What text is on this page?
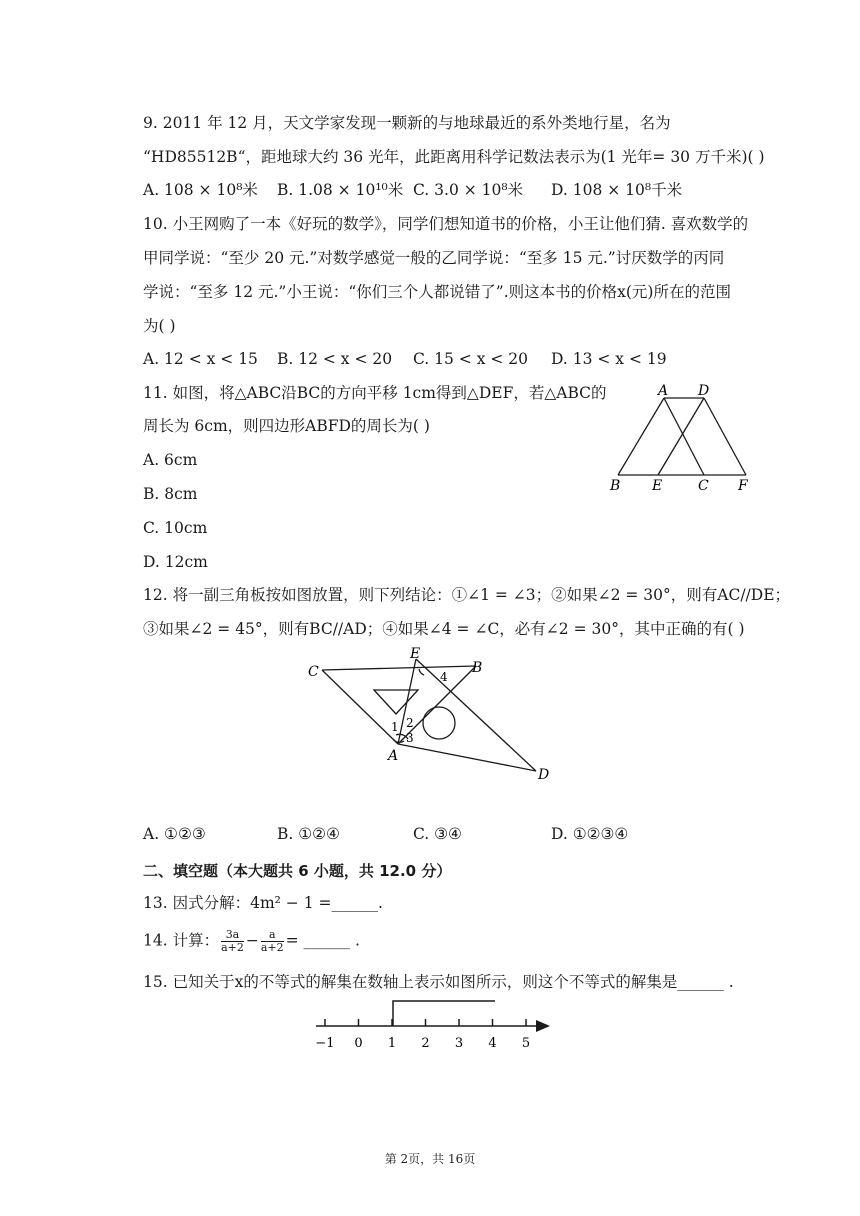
9. 2011 年 12 月，天文学家发现一颗新的与地球最近的系外类地行星，名为
“HD85512B“，距地球大约 36 光年，此距离用科学记数法表示为(1 光年= 30 万千米)( )
A. 108 × 10⁸米 B. 1.08 × 10¹⁰米 C. 3.0 × 10⁸米 D. 108 × 10⁸千米
10. 小王网购了一本《好玩的数学》，同学们想知道书的价格，小王让他们猜. 喜欢数学的
甲同学说：“至少 20 元.”对数学感觉一般的乙同学说：“至多 15 元.”讨厌数学的丙同
学说：“至多 12 元.”小王说：“你们三个人都说错了”.则这本书的价格x(元)所在的范围
为( )
A. 12 < x < 15 B. 12 < x < 20 C. 15 < x < 20 D. 13 < x < 19
11. 如图，将△ABC沿BC的方向平移 1cm得到△DEF，若△ABC的
周长为 6cm，则四边形ABFD的周长为( )
A. 6cm
B. 8cm
C. 10cm
D. 12cm
A D
B E	C F
12. 将一副三角板按如图放置，则下列结论：①∠1 = ∠3；②如果∠2 = 30°，则有AC//DE；
③如果∠2 = 45°，则有BC//AD；④如果∠4 = ∠C，必有∠2 = 30°，其中正确的有( )
C
E
B
A
D
1 2
3
4
A. ①②③	B. ①②④	C. ③④	D. ①②③④
二、填空题（本大题共 6 小题，共 12.0 分）
13. 因式分解：4m² − 1 =______.
14. 计算： $\frac{3a}{a+2} - \frac{a}{a+2}$ = ______ .
15. 已知关于x的不等式的解集在数轴上表示如图所示，则这个不等式的解集是______ .
−1 0 1 2 3 4 5
第 2页，共 16页
